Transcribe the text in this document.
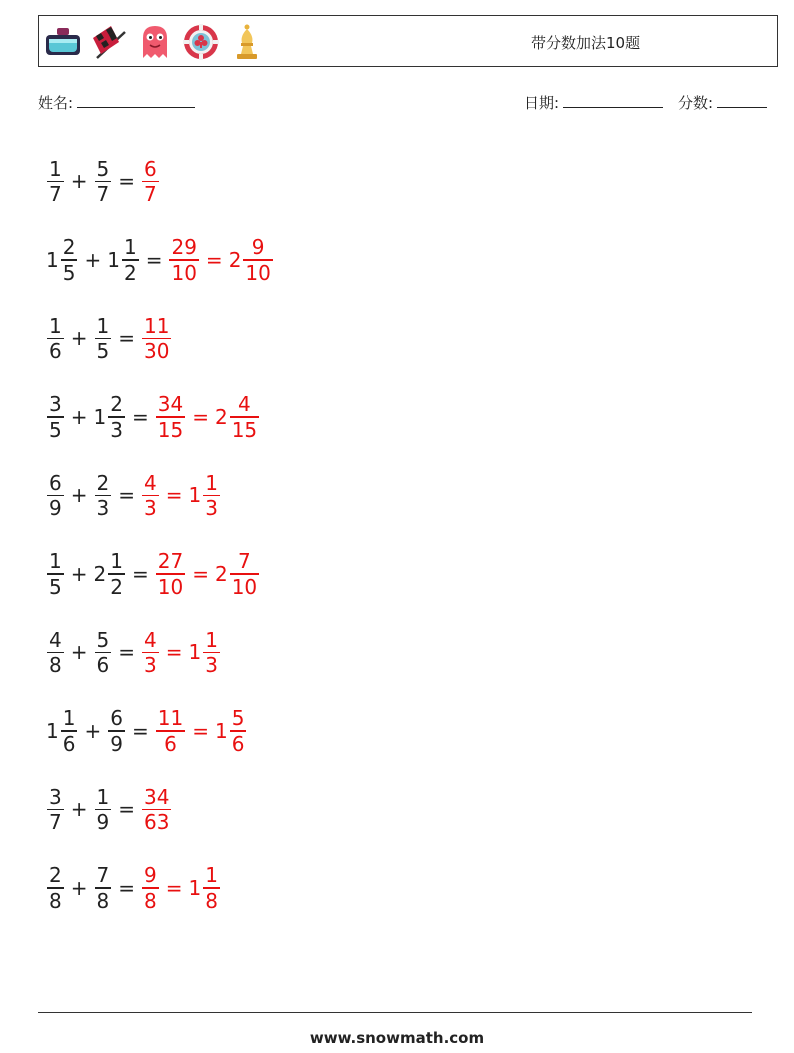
带分数加法10题
姓名:	日期:	分数:
$\frac{1}{7} + \frac{5}{7} = \frac{6}{7}$
$1 \frac{2}{5} + 1 \frac{1}{2} = \frac{29}{10} = 2 \frac{9}{10}$
$\frac{1}{6} + \frac{1}{5} = \frac{11}{30}$
$\frac{3}{5} + 1 \frac{2}{3} = \frac{34}{15} = 2 \frac{4}{15}$
$\frac{6}{9} + \frac{2}{3} = \frac{4}{3} = 1 \frac{1}{3}$
$\frac{1}{5} + 2 \frac{1}{2} = \frac{27}{10} = 2 \frac{7}{10}$
$\frac{4}{8} + \frac{5}{6} = \frac{4}{3} = 1 \frac{1}{3}$
$1 \frac{1}{6} + \frac{6}{9} = \frac{11}{6} = 1 \frac{5}{6}$
$\frac{3}{7} + \frac{1}{9} = \frac{34}{63}$
$\frac{2}{8} + \frac{7}{8} = \frac{9}{8} = 1 \frac{1}{8}$
www.snowmath.com
